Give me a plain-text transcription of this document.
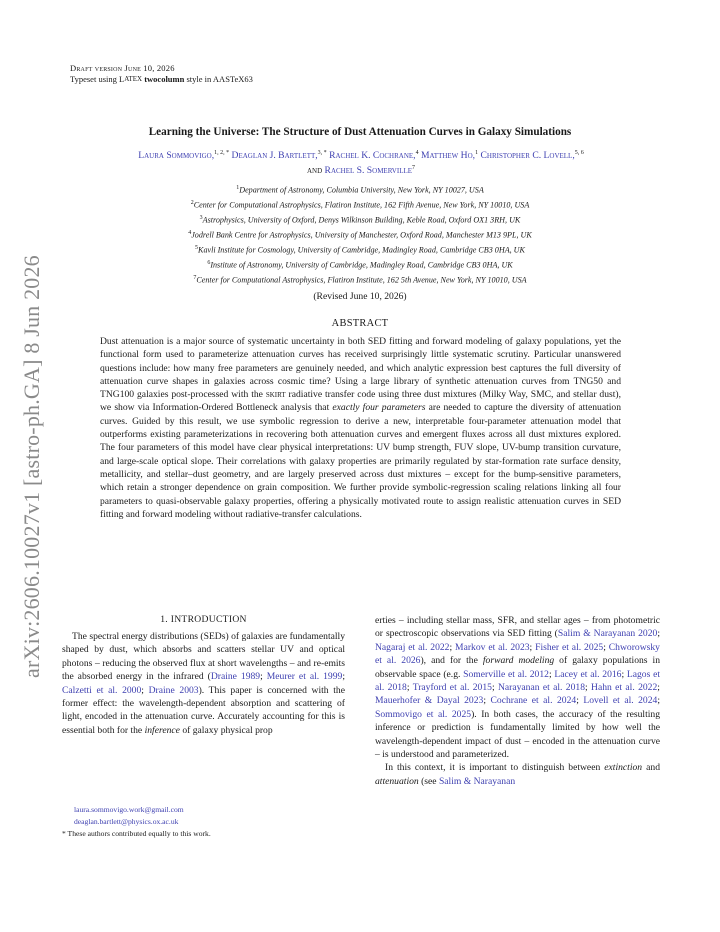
Draft version June 10, 2026
Typeset using LATEX twocolumn style in AASTeX63
arXiv:2606.10027v1 [astro-ph.GA] 8 Jun 2026
Learning the Universe: The Structure of Dust Attenuation Curves in Galaxy Simulations
Laura Sommovigo,$^{1, 2, *}$ Deaglan J. Bartlett,$^{3, *}$ Rachel K. Cochrane,$^4$ Matthew Ho,$^1$ Christopher C. Lovell,$^{5, 6}$
and Rachel S. Somerville$^7$
$^1$Department of Astronomy, Columbia University, New York, NY 10027, USA
$^2$Center for Computational Astrophysics, Flatiron Institute, 162 Fifth Avenue, New York, NY 10010, USA
$^3$Astrophysics, University of Oxford, Denys Wilkinson Building, Keble Road, Oxford OX1 3RH, UK
$^4$Jodrell Bank Centre for Astrophysics, University of Manchester, Oxford Road, Manchester M13 9PL, UK
$^5$Kavli Institute for Cosmology, University of Cambridge, Madingley Road, Cambridge CB3 0HA, UK
$^6$Institute of Astronomy, University of Cambridge, Madingley Road, Cambridge CB3 0HA, UK
$^7$Center for Computational Astrophysics, Flatiron Institute, 162 5th Avenue, New York, NY 10010, USA
(Revised June 10, 2026)
ABSTRACT

Dust attenuation is a major source of systematic uncertainty in both SED fitting and forward modeling of galaxy populations, yet the functional form used to parameterize attenuation curves has received surprisingly little systematic scrutiny. Particular unanswered questions include: how many free parameters are genuinely needed, and which analytic expression best captures the full diversity of attenuation curve shapes in galaxies across cosmic time? Using a large library of synthetic attenuation curves from TNG50 and TNG100 galaxies post-processed with the skirt radiative transfer code using three dust mixtures (Milky Way, SMC, and stellar dust), we show via Information-Ordered Bottleneck analysis that exactly four parameters are needed to capture the diversity of attenuation curves. Guided by this result, we use symbolic regression to derive a new, interpretable four-parameter attenuation model that outperforms existing parameterizations in recovering both attenuation curves and emergent fluxes across all dust mixtures explored. The four parameters of this model have clear physical interpretations: UV bump strength, FUV slope, UV-bump transition curvature, and large-scale optical slope. Their correlations with galaxy properties are primarily regulated by star-formation rate surface density, metallicity, and stellar–dust geometry, and are largely preserved across dust mixtures – except for the bump-sensitive parameters, which retain a stronger dependence on grain composition. We further provide symbolic-regression scaling relations linking all four parameters to quasi-observable galaxy properties, offering a physically motivated route to assign realistic attenuation curves in SED fitting and forward modeling without radiative-transfer calculations.

The spectral energy distributions (SEDs) of galaxies are fundamentally shaped by dust, which absorbs and scatters stellar UV and optical photons – reducing the observed flux at short wavelengths – and re-emits the absorbed energy in the infrared (Draine 1989; Meurer et al. 1999; Calzetti et al. 2000; Draine 2003). This paper is concerned with the former effect: the wavelength-dependent absorption and scattering of light, encoded in the attenuation curve. Accurately accounting for this is essential both for the inference of galaxy physical prop

1. INTRODUCTION
laura.sommovigo.work@gmail.com
deaglan.bartlett@physics.ox.ac.uk
* These authors contributed equally to this work.

erties – including stellar mass, SFR, and stellar ages – from photometric or spectroscopic observations via SED fitting (Salim & Narayanan 2020; Nagaraj et al. 2022; Markov et al. 2023; Fisher et al. 2025; Chworowsky et al. 2026), and for the forward modeling of galaxy populations in observable space (e.g. Somerville et al. 2012; Lacey et al. 2016; Lagos et al. 2018; Trayford et al. 2015; Narayanan et al. 2018; Hahn et al. 2022; Mauerhofer & Dayal 2023; Cochrane et al. 2024; Lovell et al. 2024; Sommovigo et al. 2025). In both cases, the accuracy of the resulting inference or prediction is fundamentally limited by how well the wavelength-dependent impact of dust – encoded in the attenuation curve – is understood and parameterized.

In this context, it is important to distinguish between extinction and attenuation (see Salim & Narayanan
